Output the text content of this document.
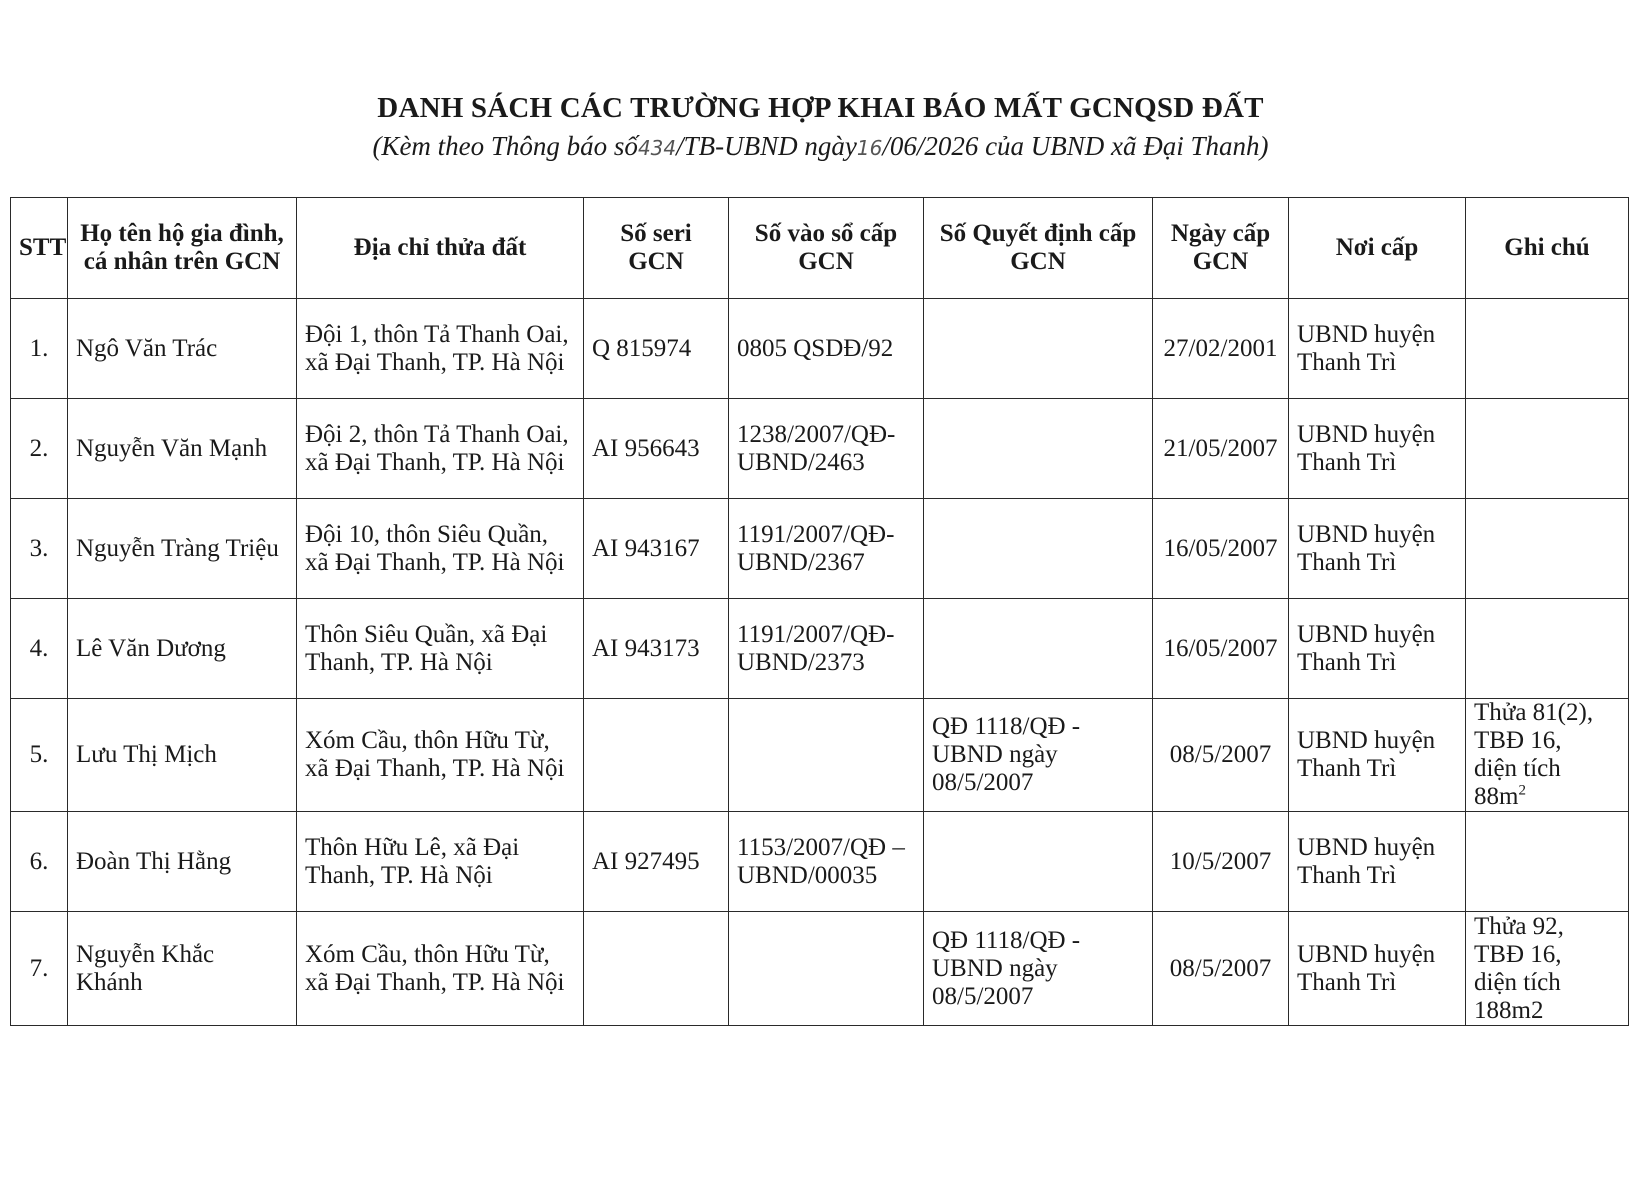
DANH SÁCH CÁC TRƯỜNG HỢP KHAI BÁO MẤT GCNQSD ĐẤT
(Kèm theo Thông báo số434/TB-UBND ngày16/06/2026 của UBND xã Đại Thanh)
STT	Họ tên hộ gia đình,
cá nhân trên GCN	Địa chỉ thửa đất	Số seri
GCN	Số vào sổ cấp
GCN	Số Quyết định cấp
GCN	Ngày cấp
GCN	Nơi cấp	Ghi chú
1.	Ngô Văn Trác	Đội 1, thôn Tả Thanh Oai,
xã Đại Thanh, TP. Hà Nội	Q 815974	0805 QSDĐ/92		27/02/2001	UBND huyện
Thanh Trì	
2.	Nguyễn Văn Mạnh	Đội 2, thôn Tả Thanh Oai,
xã Đại Thanh, TP. Hà Nội	AI 956643	1238/2007/QĐ-
UBND/2463		21/05/2007	UBND huyện
Thanh Trì	
3.	Nguyễn Tràng Triệu	Đội 10, thôn Siêu Quần,
xã Đại Thanh, TP. Hà Nội	AI 943167	1191/2007/QĐ-
UBND/2367		16/05/2007	UBND huyện
Thanh Trì	
4.	Lê Văn Dương	Thôn Siêu Quần, xã Đại
Thanh, TP. Hà Nội	AI 943173	1191/2007/QĐ-
UBND/2373		16/05/2007	UBND huyện
Thanh Trì	
5.	Lưu Thị Mịch	Xóm Cầu, thôn Hữu Từ,
xã Đại Thanh, TP. Hà Nội			QĐ 1118/QĐ -
UBND ngày
08/5/2007	08/5/2007	UBND huyện
Thanh Trì	Thửa 81(2),
TBĐ 16,
diện tích
$88m^2$
6.	Đoàn Thị Hằng	Thôn Hữu Lê, xã Đại
Thanh, TP. Hà Nội	AI 927495	1153/2007/QĐ –
UBND/00035		10/5/2007	UBND huyện
Thanh Trì	
7.	Nguyễn Khắc
Khánh	Xóm Cầu, thôn Hữu Từ,
xã Đại Thanh, TP. Hà Nội			QĐ 1118/QĐ -
UBND ngày
08/5/2007	08/5/2007	UBND huyện
Thanh Trì	Thửa 92,
TBĐ 16,
diện tích
188m2
